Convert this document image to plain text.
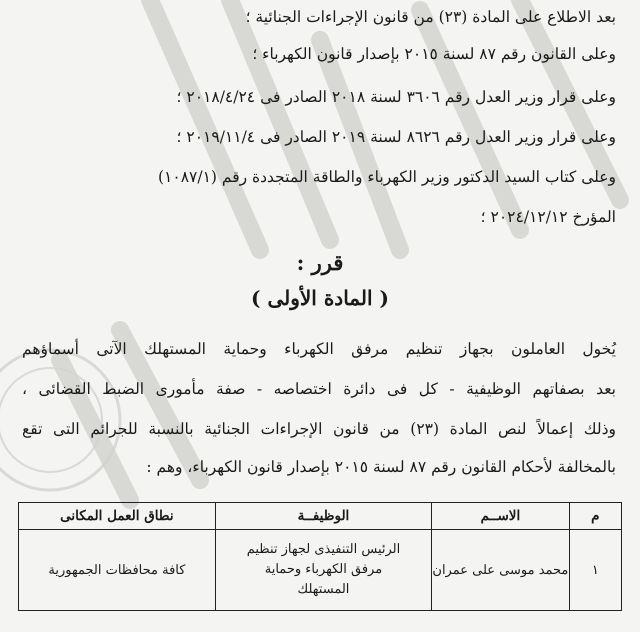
بعد الاطلاع على المادة (٢٣) من قانون الإجراءات الجنائية ؛
وعلى القانون رقم ٨٧ لسنة ٢٠١٥ بإصدار قانون الكهرباء ؛
وعلى قرار وزير العدل رقم ٣٦٠٦ لسنة ٢٠١٨ الصادر فى ٢٠١٨/٤/٢٤ ؛
وعلى قرار وزير العدل رقم ٨٦٢٦ لسنة ٢٠١٩ الصادر فى ٢٠١٩/١١/٤ ؛
وعلى كتاب السيد الدكتور وزير الكهرباء والطاقة المتجددة رقم (١٠٨٧/١)
المؤرخ ٢٠٢٤/١٢/١٢ ؛
قرر :
( المادة الأولى )
يُخول العاملون بجهاز تنظيم مرفق الكهرباء وحماية المستهلك الآتى أسماؤهم
بعد بصفاتهم الوظيفية - كل فى دائرة اختصاصه - صفة مأمورى الضبط القضائى ،
وذلك إعمالاً لنص المادة (٢٣) من قانون الإجراءات الجنائية بالنسبة للجرائم التى تقع
بالمخالفة لأحكام القانون رقم ٨٧ لسنة ٢٠١٥ بإصدار قانون الكهرباء، وهم :
م	الاســم	الوظيفــة	نطاق العمل المكانى
١	محمد موسى على عمران	الرئيس التنفيذى لجهاز تنظيم مرفق الكهرباء وحماية المستهلك	كافة محافظات الجمهورية
